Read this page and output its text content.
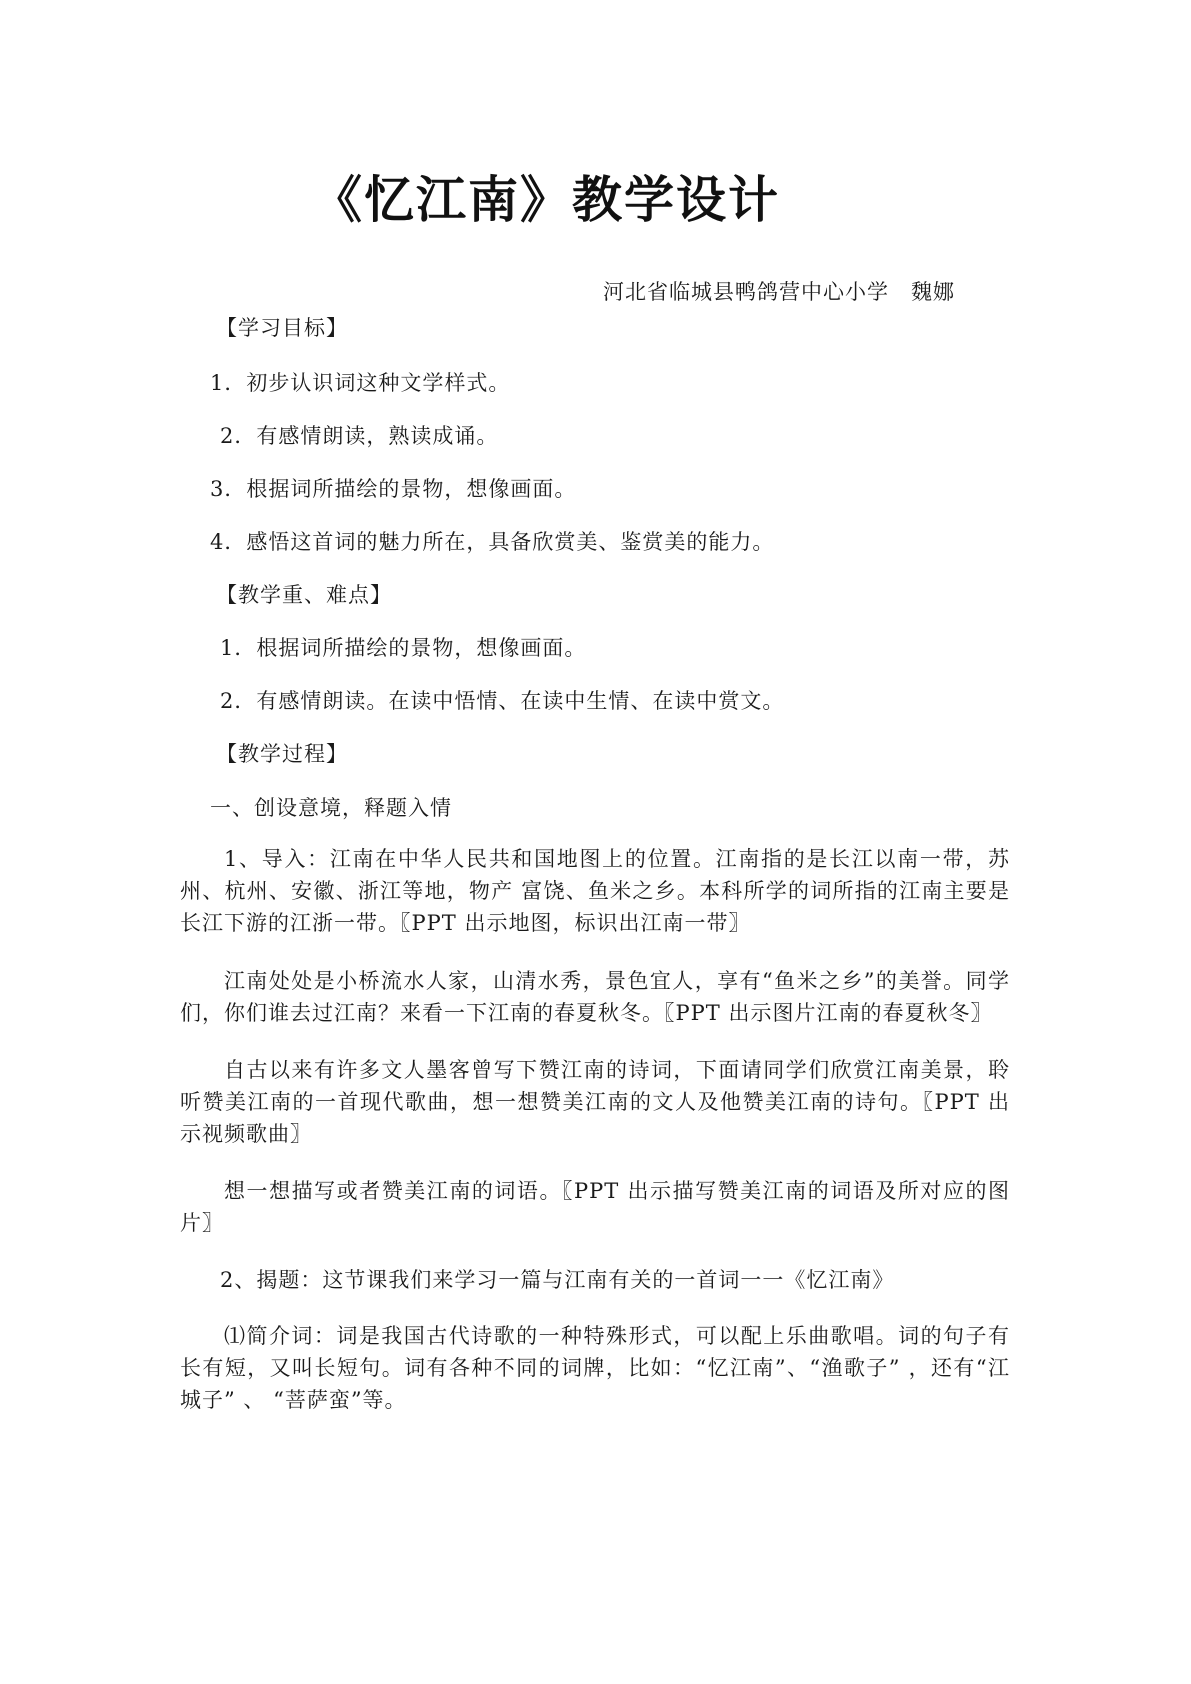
《忆江南》教学设计
河北省临城县鸭鸽营中心小学　魏娜
【学习目标】
1．初步认识词这种文学样式。
2．有感情朗读，熟读成诵。
3．根据词所描绘的景物，想像画面。
4．感悟这首词的魅力所在，具备欣赏美、鉴赏美的能力。
【教学重、难点】
1．根据词所描绘的景物，想像画面。
2．有感情朗读。在读中悟情、在读中生情、在读中赏文。
【教学过程】
一、创设意境，释题入情
1、导入：江南在中华人民共和国地图上的位置。江南指的是长江以南一带，苏州、杭州、安徽、浙江等地，物产 富饶、鱼米之乡。本科所学的词所指的江南主要是长江下游的江浙一带。〖PPT 出示地图，标识出江南一带〗
江南处处是小桥流水人家，山清水秀，景色宜人，享有“鱼米之乡”的美誉。同学们，你们谁去过江南？来看一下江南的春夏秋冬。〖PPT 出示图片江南的春夏秋冬〗
自古以来有许多文人墨客曾写下赞江南的诗词，下面请同学们欣赏江南美景，聆听赞美江南的一首现代歌曲，想一想赞美江南的文人及他赞美江南的诗句。〖PPT 出示视频歌曲〗
想一想描写或者赞美江南的词语。〖PPT 出示描写赞美江南的词语及所对应的图片〗
2、揭题：这节课我们来学习一篇与江南有关的一首词一一《忆江南》
⑴简介词：词是我国古代诗歌的一种特殊形式，可以配上乐曲歌唱。词的句子有长有短，又叫长短句。词有各种不同的词牌，比如：“忆江南”、“渔歌子” ，还有“江城子” 、 “菩萨蛮”等。
